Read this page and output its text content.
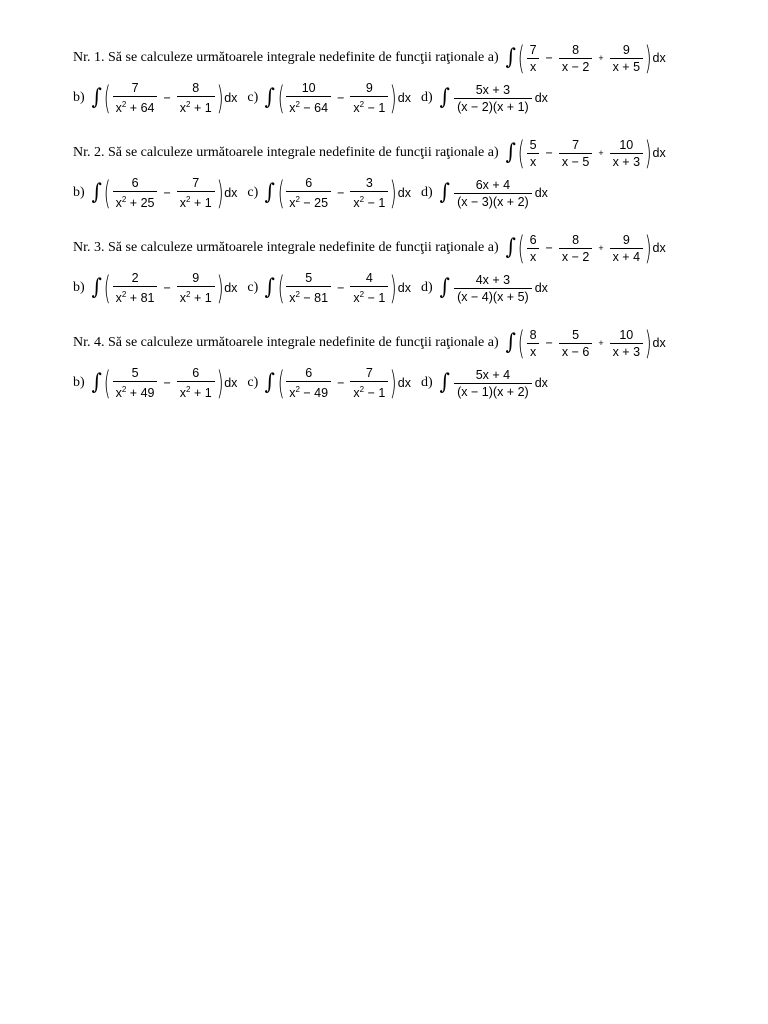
Nr. 1. Să se calculeze următoarele integrale nedefinite de funcţii raţionale a) ∫ ( $\frac{7}{x} - \frac{8}{x - 2} + \frac{9}{x + 5}$ ) dx
b) ∫ ( $\frac{7}{x^2 + 64} - \frac{8}{x^2 + 1}$ ) dx c) ∫ ( $\frac{10}{x^2 - 64} - \frac{9}{x^2 - 1}$ ) dx d) ∫ $\frac{5x + 3}{(x - 2)(x + 1)}$ dx
Nr. 2. Să se calculeze următoarele integrale nedefinite de funcţii raţionale a) ∫ ( $\frac{5}{x} - \frac{7}{x - 5} + \frac{10}{x + 3}$ ) dx
b) ∫ ( $\frac{6}{x^2 + 25} - \frac{7}{x^2 + 1}$ ) dx c) ∫ ( $\frac{6}{x^2 - 25} - \frac{3}{x^2 - 1}$ ) dx d) ∫ $\frac{6x + 4}{(x - 3)(x + 2)}$ dx
Nr. 3. Să se calculeze următoarele integrale nedefinite de funcţii raţionale a) ∫ ( $\frac{6}{x} - \frac{8}{x - 2} + \frac{9}{x + 4}$ ) dx
b) ∫ ( $\frac{2}{x^2 + 81} - \frac{9}{x^2 + 1}$ ) dx c) ∫ ( $\frac{5}{x^2 - 81} - \frac{4}{x^2 - 1}$ ) dx d) ∫ $\frac{4x + 3}{(x - 4)(x + 5)}$ dx
Nr. 4. Să se calculeze următoarele integrale nedefinite de funcţii raţionale a) ∫ ( $\frac{8}{x} - \frac{5}{x - 6} + \frac{10}{x + 3}$ ) dx
b) ∫ ( $\frac{5}{x^2 + 49} - \frac{6}{x^2 + 1}$ ) dx c) ∫ ( $\frac{6}{x^2 - 49} - \frac{7}{x^2 - 1}$ ) dx d) ∫ $\frac{5x + 4}{(x - 1)(x + 2)}$ dx
